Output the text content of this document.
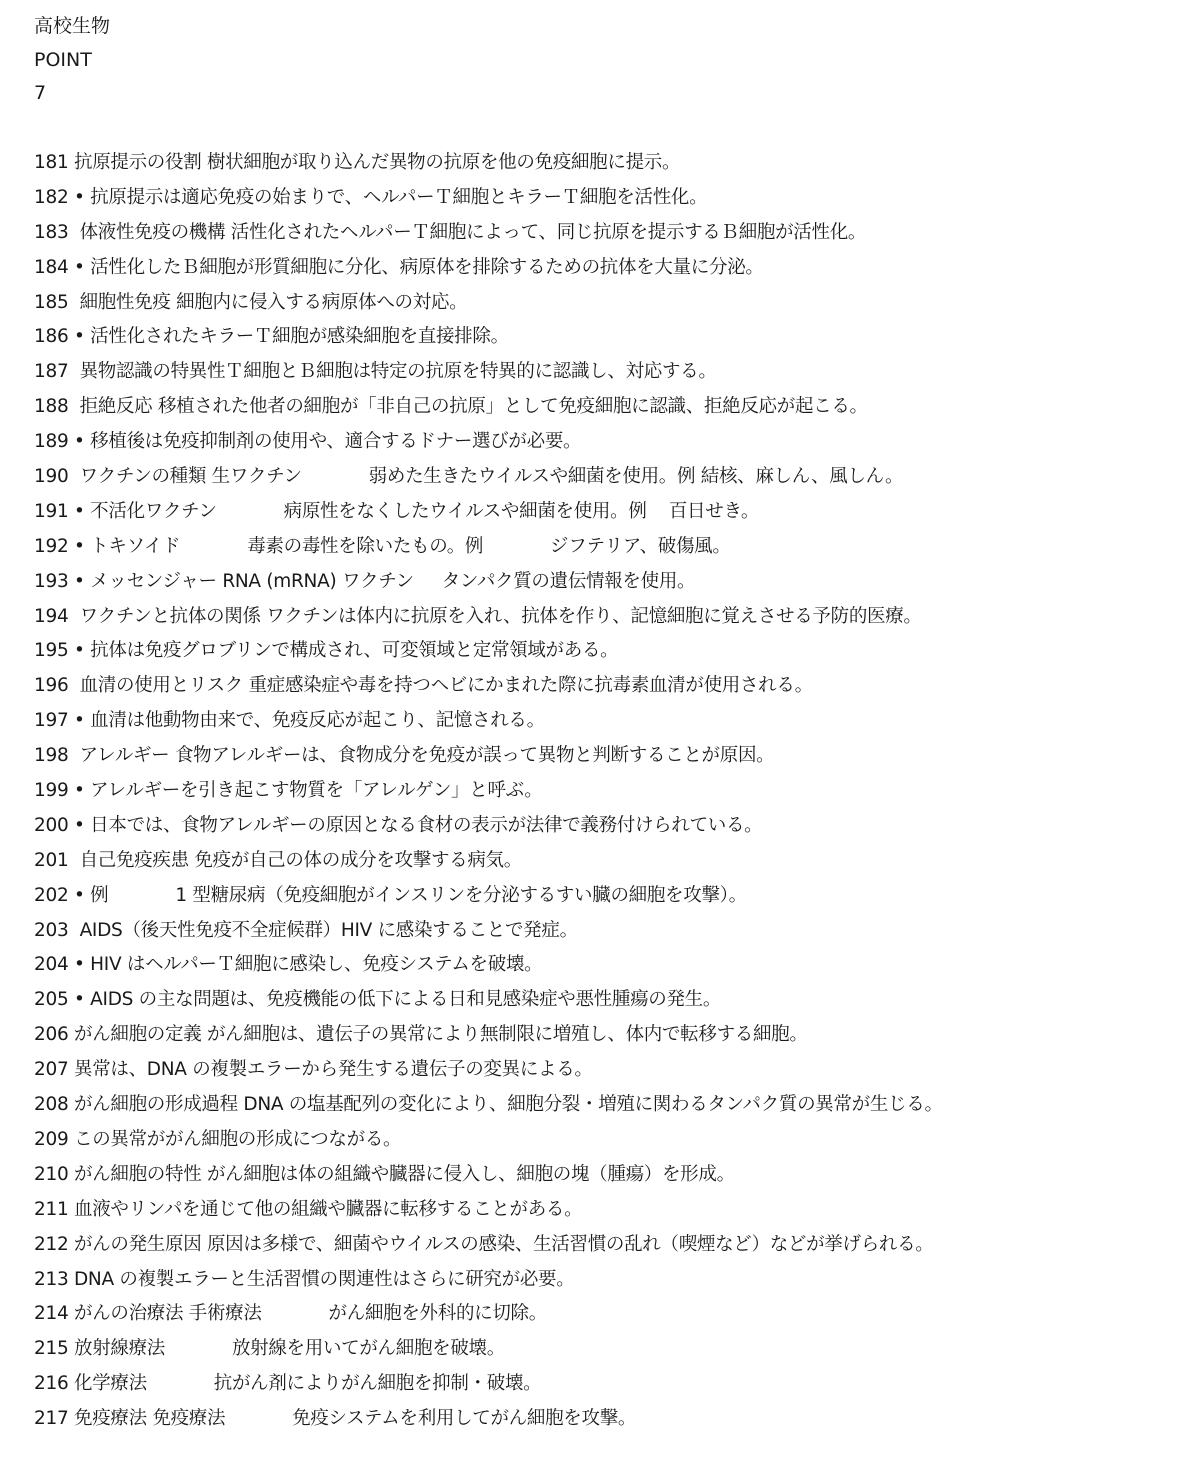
高校生物
POINT
7
181 抗原提示の役割 樹状細胞が取り込んだ異物の抗原を他の免疫細胞に提示。
182 • 抗原提示は適応免疫の始まりで、ヘルパーＴ細胞とキラーＴ細胞を活性化。
183  体液性免疫の機構 活性化されたヘルパーＴ細胞によって、同じ抗原を提示するＢ細胞が活性化。
184 • 活性化したＢ細胞が形質細胞に分化、病原体を排除するための抗体を大量に分泌。
185  細胞性免疫 細胞内に侵入する病原体への対応。
186 • 活性化されたキラーＴ細胞が感染細胞を直接排除。
187  異物認識の特異性Ｔ細胞とＢ細胞は特定の抗原を特異的に認識し、対応する。
188  拒絶反応 移植された他者の細胞が「非自己の抗原」として免疫細胞に認識、拒絶反応が起こる。
189 • 移植後は免疫抑制剤の使用や、適合するドナー選びが必要。
190  ワクチンの種類 生ワクチン            弱めた生きたウイルスや細菌を使用。例 結核、麻しん、風しん。
191 • 不活化ワクチン            病原性をなくしたウイルスや細菌を使用。例    百日せき。
192 • トキソイド            毒素の毒性を除いたもの。例            ジフテリア、破傷風。
193 • メッセンジャー RNA (mRNA) ワクチン     タンパク質の遺伝情報を使用。
194  ワクチンと抗体の関係 ワクチンは体内に抗原を入れ、抗体を作り、記憶細胞に覚えさせる予防的医療。
195 • 抗体は免疫グロブリンで構成され、可変領域と定常領域がある。
196  血清の使用とリスク 重症感染症や毒を持つヘビにかまれた際に抗毒素血清が使用される。
197 • 血清は他動物由来で、免疫反応が起こり、記憶される。
198  アレルギー 食物アレルギーは、食物成分を免疫が誤って異物と判断することが原因。
199 • アレルギーを引き起こす物質を「アレルゲン」と呼ぶ。
200 • 日本では、食物アレルギーの原因となる食材の表示が法律で義務付けられている。
201  自己免疫疾患 免疫が自己の体の成分を攻撃する病気。
202 • 例            1 型糖尿病（免疫細胞がインスリンを分泌するすい臓の細胞を攻撃）。
203  AIDS（後天性免疫不全症候群）HIV に感染することで発症。
204 • HIV はヘルパーＴ細胞に感染し、免疫システムを破壊。
205 • AIDS の主な問題は、免疫機能の低下による日和見感染症や悪性腫瘍の発生。
206 がん細胞の定義 がん細胞は、遺伝子の異常により無制限に増殖し、体内で転移する細胞。
207 異常は、DNA の複製エラーから発生する遺伝子の変異による。
208 がん細胞の形成過程 DNA の塩基配列の変化により、細胞分裂・増殖に関わるタンパク質の異常が生じる。
209 この異常ががん細胞の形成につながる。
210 がん細胞の特性 がん細胞は体の組織や臓器に侵入し、細胞の塊（腫瘍）を形成。
211 血液やリンパを通じて他の組織や臓器に転移することがある。
212 がんの発生原因 原因は多様で、細菌やウイルスの感染、生活習慣の乱れ（喫煙など）などが挙げられる。
213 DNA の複製エラーと生活習慣の関連性はさらに研究が必要。
214 がんの治療法 手術療法            がん細胞を外科的に切除。
215 放射線療法            放射線を用いてがん細胞を破壊。
216 化学療法            抗がん剤によりがん細胞を抑制・破壊。
217 免疫療法 免疫療法            免疫システムを利用してがん細胞を攻撃。
